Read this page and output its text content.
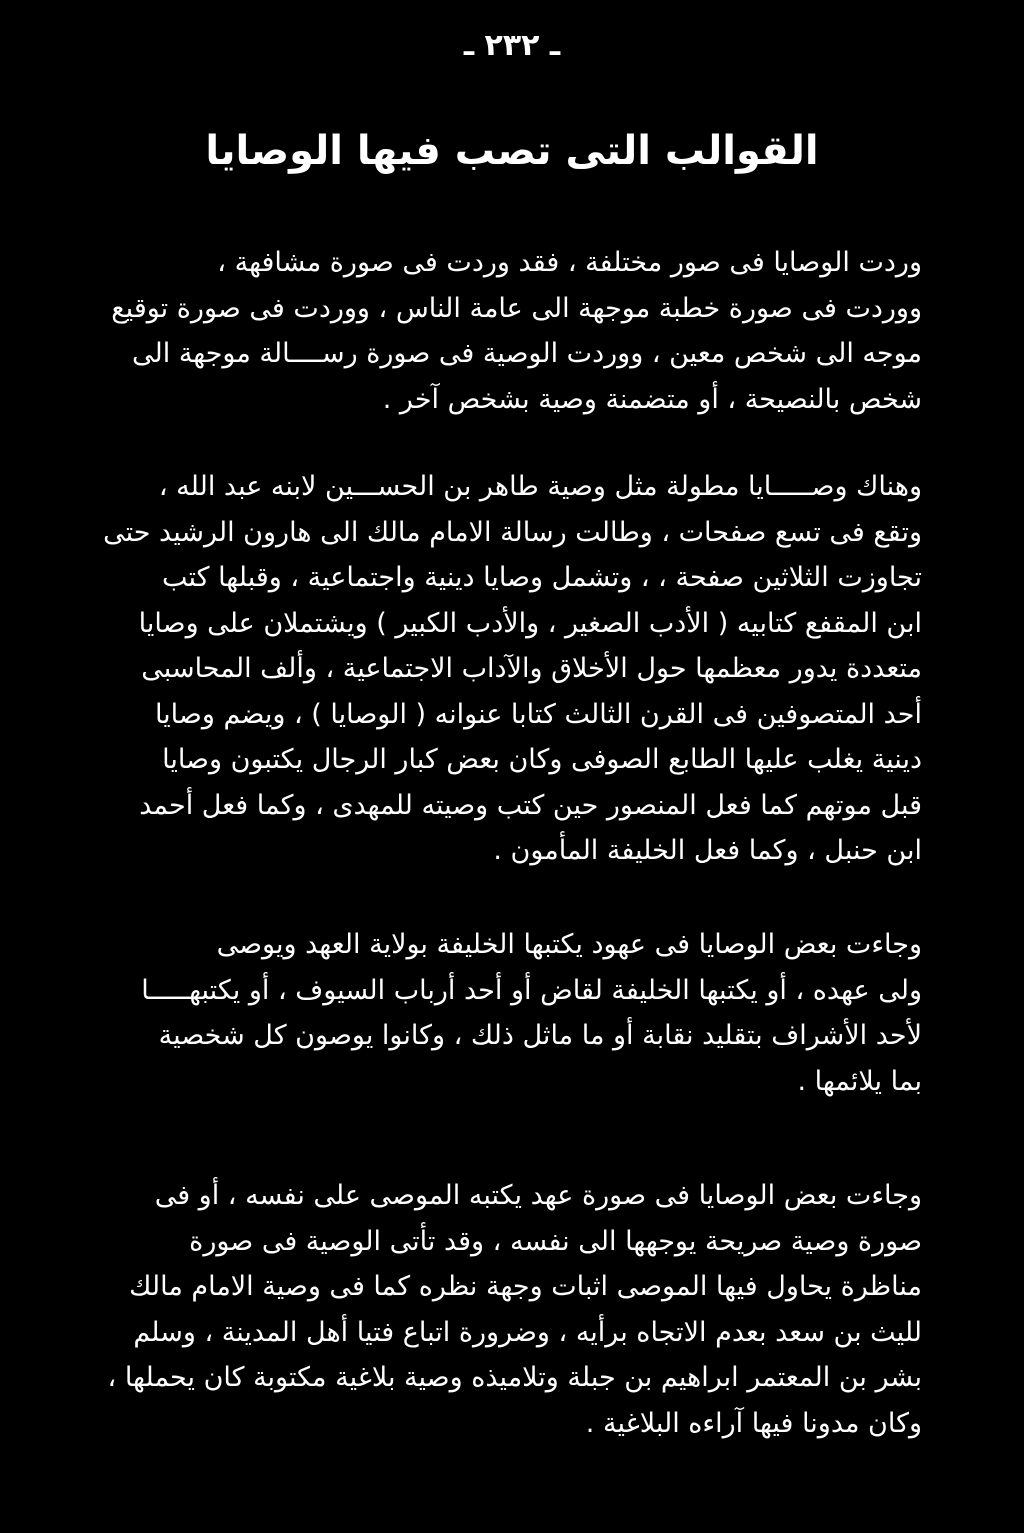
ـ ٢٣٢ ـ
القوالب التى تصب فيها الوصايا
وردت الوصايا فى صور مختلفة ، فقد وردت فى صورة مشافهة ،
ووردت فى صورة خطبة موجهة الى عامة الناس ، ووردت فى صورة توقيع
موجه الى شخص معين ، ووردت الوصية فى صورة رســــالة موجهة الى
شخص بالنصيحة ، أو متضمنة وصية بشخص آخر .
وهناك وصـــــايا مطولة مثل وصية طاهر بن الحســـين لابنه عبد الله ،
وتقع فى تسع صفحات ، وطالت رسالة الامام مالك الى هارون الرشيد حتى
تجاوزت الثلاثين صفحة ، ، وتشمل وصايا دينية واجتماعية ، وقبلها كتب
ابن المقفع كتابيه ( الأدب الصغير ، والأدب الكبير ) ويشتملان على وصايا
متعددة يدور معظمها حول الأخلاق والآداب الاجتماعية ، وألف المحاسبى
أحد المتصوفين فى القرن الثالث كتابا عنوانه ( الوصايا ) ، ويضم وصايا
دينية يغلب عليها الطابع الصوفى وكان بعض كبار الرجال يكتبون وصايا
قبل موتهم كما فعل المنصور حين كتب وصيته للمهدى ، وكما فعل أحمد
ابن حنبل ، وكما فعل الخليفة المأمون .
وجاءت بعض الوصايا فى عهود يكتبها الخليفة بولاية العهد ويوصى
ولى عهده ، أو يكتبها الخليفة لقاض أو أحد أرباب السيوف ، أو يكتبهـــــا
لأحد الأشراف بتقليد نقابة أو ما ماثل ذلك ، وكانوا يوصون كل شخصية
بما يلائمها .
وجاءت بعض الوصايا فى صورة عهد يكتبه الموصى على نفسه ، أو فى
صورة وصية صريحة يوجهها الى نفسه ، وقد تأتى الوصية فى صورة
مناظرة يحاول فيها الموصى اثبات وجهة نظره كما فى وصية الامام مالك
لليث بن سعد بعدم الاتجاه برأيه ، وضرورة اتباع فتيا أهل المدينة ، وسلم
بشر بن المعتمر ابراهيم بن جبلة وتلاميذه وصية بلاغية مكتوبة كان يحملها ،
وكان مدونا فيها آراءه البلاغية .
